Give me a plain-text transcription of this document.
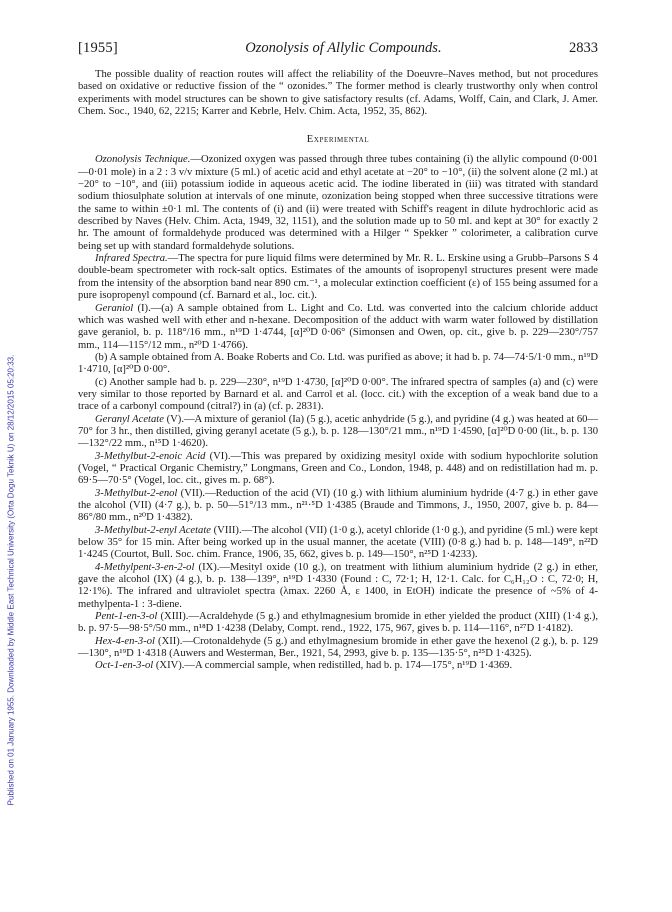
Published on 01 January 1955. Downloaded by Middle East Technical University (Orta Dogu Teknik U) on 28/12/2015 05:20:33.
[1955]	Ozonolysis of Allylic Compounds.	2833

The possible duality of reaction routes will affect the reliability of the Doeuvre–Naves method, but not procedures based on oxidative or reductive fission of the “ ozonides.” The former method is clearly trustworthy only when control experiments with model structures can be shown to give satisfactory results (cf. Adams, Wolff, Cain, and Clark, J. Amer. Chem. Soc., 1940, 62, 2215; Karrer and Kebrle, Helv. Chim. Acta, 1952, 35, 862).

Experimental

Ozonolysis Technique.—Ozonized oxygen was passed through three tubes containing (i) the allylic compound (0·001—0·01 mole) in a 2 : 3 v/v mixture (5 ml.) of acetic acid and ethyl acetate at −20° to −10°, (ii) the solvent alone (2 ml.) at −20° to −10°, and (iii) potassium iodide in aqueous acetic acid. The iodine liberated in (iii) was titrated with standard sodium thiosulphate solution at intervals of one minute, ozonization being stopped when three successive titrations were the same to within ±0·1 ml. The contents of (i) and (ii) were treated with Schiff's reagent in dilute hydrochloric acid as described by Naves (Helv. Chim. Acta, 1949, 32, 1151), and the solution made up to 50 ml. and kept at 30° for exactly 2 hr. The amount of formaldehyde produced was determined with a Hilger “ Spekker ” colorimeter, a calibration curve being set up with standard formaldehyde solutions.

Infrared Spectra.—The spectra for pure liquid films were determined by Mr. R. L. Erskine using a Grubb–Parsons S 4 double-beam spectrometer with rock-salt optics. Estimates of the amounts of isopropenyl structures present were made from the intensity of the absorption band near 890 cm.⁻¹, a molecular extinction coefficient (ε) of 155 being assumed for a pure isopropenyl compound (cf. Barnard et al., loc. cit.).

Geraniol (I).—(a) A sample obtained from L. Light and Co. Ltd. was converted into the calcium chloride adduct which was washed well with ether and n-hexane. Decomposition of the adduct with warm water followed by distillation gave geraniol, b. p. 118°/16 mm., n¹⁹D 1·4744, [α]²⁰D 0·06° (Simonsen and Owen, op. cit., give b. p. 229—230°/757 mm., 114—115°/12 mm., n²⁰D 1·4766).

(b) A sample obtained from A. Boake Roberts and Co. Ltd. was purified as above; it had b. p. 74—74·5/1·0 mm., n¹⁹D 1·4710, [α]²⁰D 0·00°.

(c) Another sample had b. p. 229—230°, n¹⁹D 1·4730, [α]²⁰D 0·00°. The infrared spectra of samples (a) and (c) were very similar to those reported by Barnard et al. and Carrol et al. (locc. cit.) with the exception of a weak band due to a trace of a carbonyl compound (citral?) in (a) (cf. p. 2831).

Geranyl Acetate (V).—A mixture of geraniol (Ia) (5 g.), acetic anhydride (5 g.), and pyridine (4 g.) was heated at 60—70° for 3 hr., then distilled, giving geranyl acetate (5 g.), b. p. 128—130°/21 mm., n¹⁹D 1·4590, [α]²⁰D 0·00 (lit., b. p. 130—132°/22 mm., n¹⁵D 1·4620).

3-Methylbut-2-enoic Acid (VI).—This was prepared by oxidizing mesityl oxide with sodium hypochlorite solution (Vogel, “ Practical Organic Chemistry,” Longmans, Green and Co., London, 1948, p. 448) and on redistillation had m. p. 69·5—70·5° (Vogel, loc. cit., gives m. p. 68°).

3-Methylbut-2-enol (VII).—Reduction of the acid (VI) (10 g.) with lithium aluminium hydride (4·7 g.) in ether gave the alcohol (VII) (4·7 g.), b. p. 50—51°/13 mm., n²¹·⁵D 1·4385 (Braude and Timmons, J., 1950, 2007, give b. p. 84—86°/80 mm., n²⁰D 1·4382).

3-Methylbut-2-enyl Acetate (VIII).—The alcohol (VII) (1·0 g.), acetyl chloride (1·0 g.), and pyridine (5 ml.) were kept below 35° for 15 min. After being worked up in the usual manner, the acetate (VIII) (0·8 g.) had b. p. 148—149°, n²²D 1·4245 (Courtot, Bull. Soc. chim. France, 1906, 35, 662, gives b. p. 149—150°, n²⁵D 1·4233).

4-Methylpent-3-en-2-ol (IX).—Mesityl oxide (10 g.), on treatment with lithium aluminium hydride (2 g.) in ether, gave the alcohol (IX) (4 g.), b. p. 138—139°, n¹⁹D 1·4330 (Found : C, 72·1; H, 12·1. Calc. for C₆H₁₂O : C, 72·0; H, 12·1%). The infrared and ultraviolet spectra (λmax. 2260 Å, ε 1400, in EtOH) indicate the presence of ~5% of 4-methylpenta-1 : 3-diene.

Pent-1-en-3-ol (XIII).—Acraldehyde (5 g.) and ethylmagnesium bromide in ether yielded the product (XIII) (1·4 g.), b. p. 97·5—98·5°/50 mm., n¹⁸D 1·4238 (Delaby, Compt. rend., 1922, 175, 967, gives b. p. 114—116°, n²⁷D 1·4182).

Hex-4-en-3-ol (XII).—Crotonaldehyde (5 g.) and ethylmagnesium bromide in ether gave the hexenol (2 g.), b. p. 129—130°, n¹⁹D 1·4318 (Auwers and Westerman, Ber., 1921, 54, 2993, give b. p. 135—135·5°, n²⁵D 1·4325).

Oct-1-en-3-ol (XIV).—A commercial sample, when redistilled, had b. p. 174—175°, n¹⁹D 1·4369.
